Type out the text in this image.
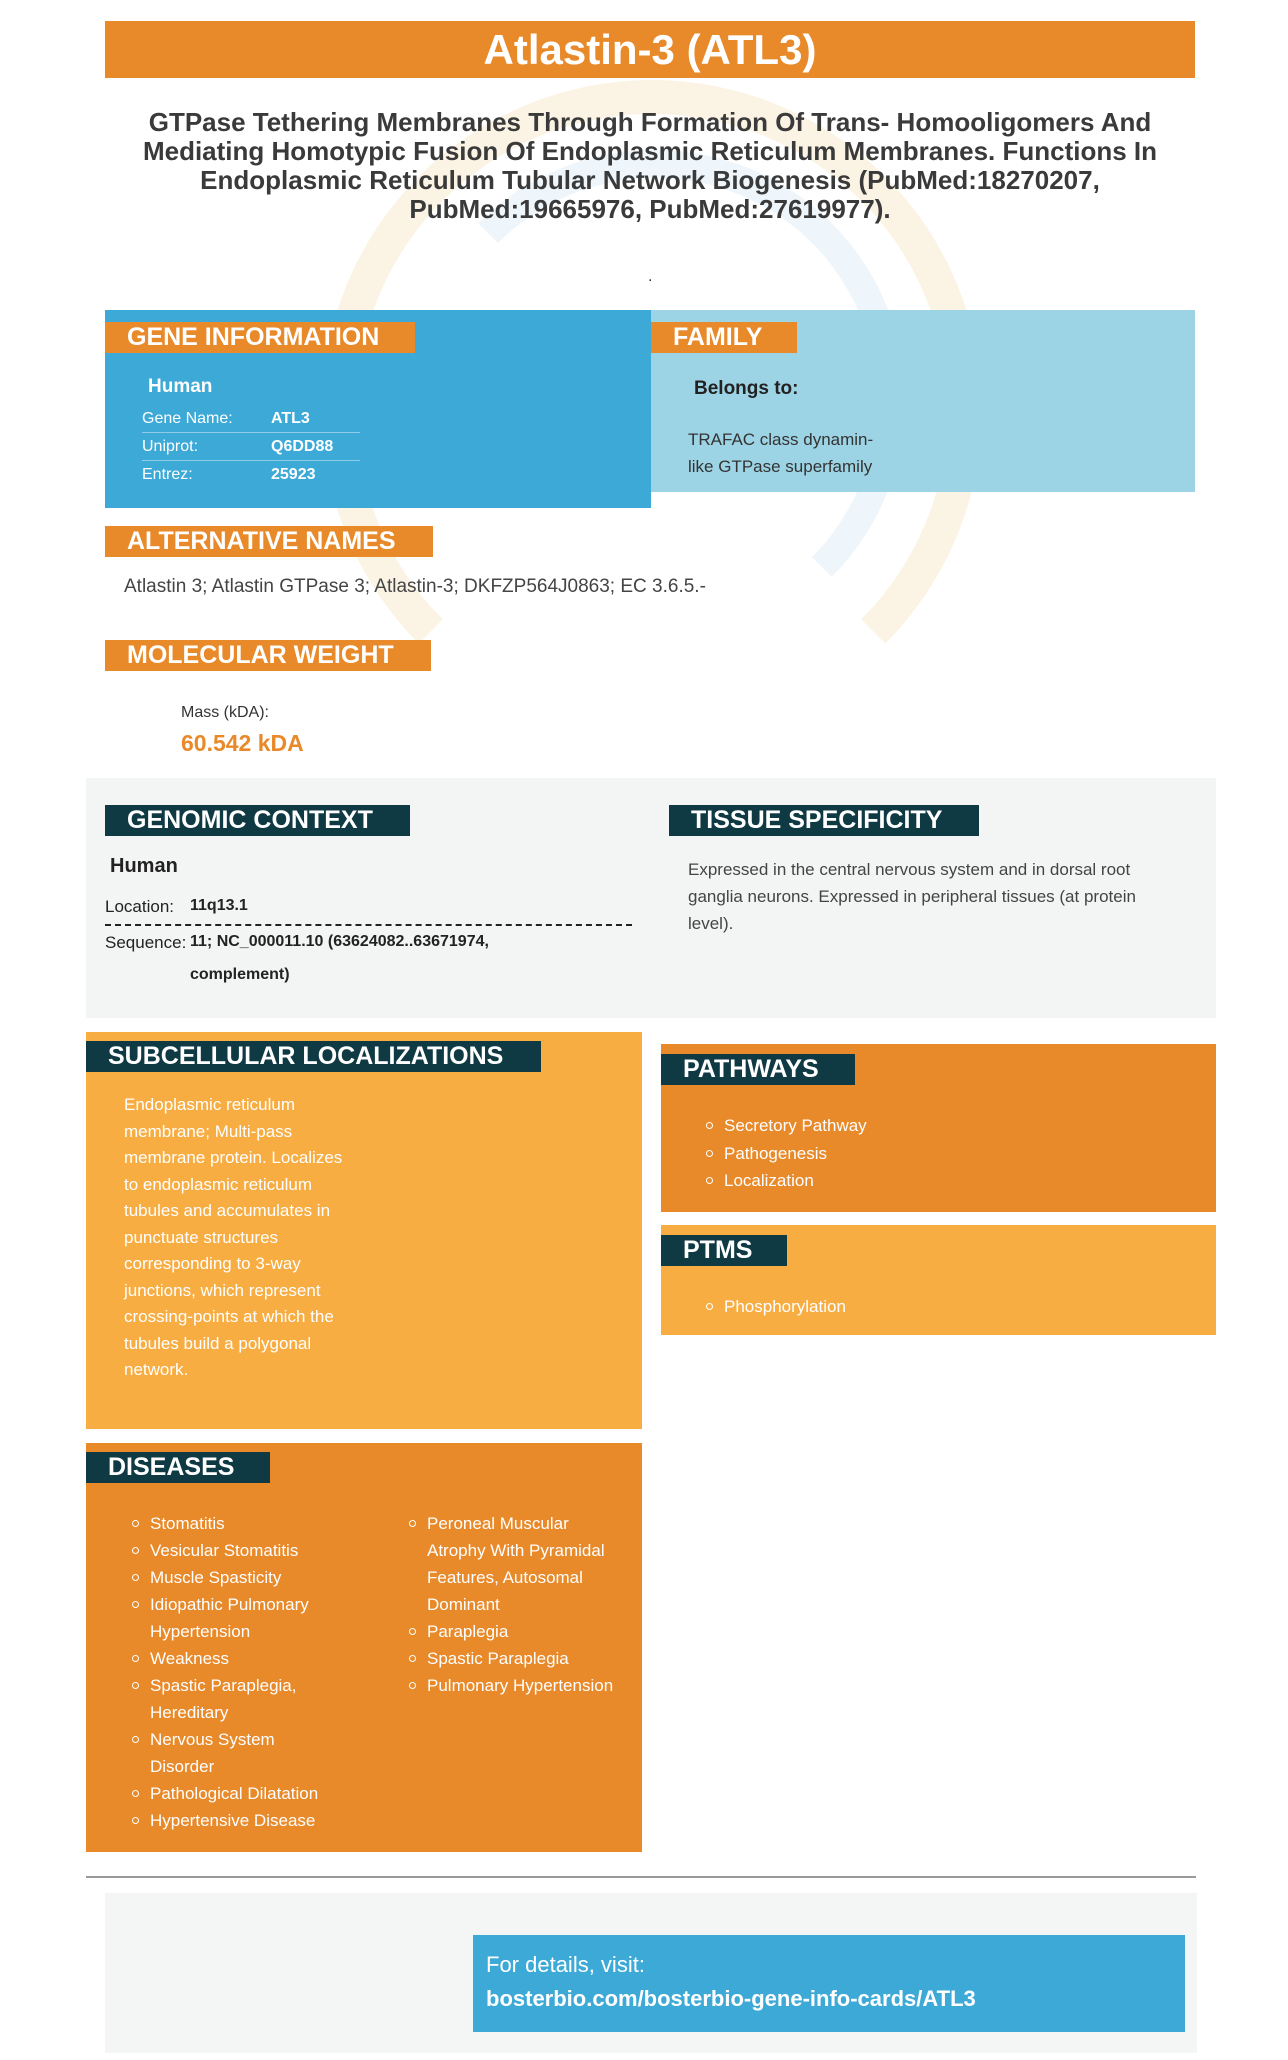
Atlastin-3 (ATL3)
GTPase Tethering Membranes Through Formation Of Trans- Homooligomers And Mediating Homotypic Fusion Of Endoplasmic Reticulum Membranes. Functions In Endoplasmic Reticulum Tubular Network Biogenesis (PubMed:18270207, PubMed:19665976, PubMed:27619977).
.
GENE INFORMATION
Human
Gene Name: ATL3
Uniprot:	Q6DD88
Entrez:	25923
FAMILY
Belongs to:
TRAFAC class dynamin-like GTPase superfamily
ALTERNATIVE NAMES
Atlastin 3; Atlastin GTPase 3; Atlastin-3; DKFZP564J0863; EC 3.6.5.-
MOLECULAR WEIGHT
Mass (kDA):
60.542 kDA
GENOMIC CONTEXT
Human
Location: 11q13.1
Sequence: 11; NC_000011.10 (63624082..63671974, complement)
TISSUE SPECIFICITY
Expressed in the central nervous system and in dorsal root ganglia neurons. Expressed in peripheral tissues (at protein level).
SUBCELLULAR LOCALIZATIONS
Endoplasmic reticulum membrane; Multi-pass membrane protein. Localizes to endoplasmic reticulum tubules and accumulates in punctuate structures corresponding to 3-way junctions, which represent crossing-points at which the tubules build a polygonal network.
PATHWAYS
Secretory Pathway
Pathogenesis
Localization
PTMS
Phosphorylation
DISEASES
Stomatitis
Vesicular Stomatitis
Muscle Spasticity
Idiopathic Pulmonary Hypertension
Weakness
Spastic Paraplegia, Hereditary
Nervous System Disorder
Pathological Dilatation
Hypertensive Disease
Peroneal Muscular Atrophy With Pyramidal Features, Autosomal Dominant
Paraplegia
Spastic Paraplegia
Pulmonary Hypertension
For details, visit:
bosterbio.com/bosterbio-gene-info-cards/ATL3
